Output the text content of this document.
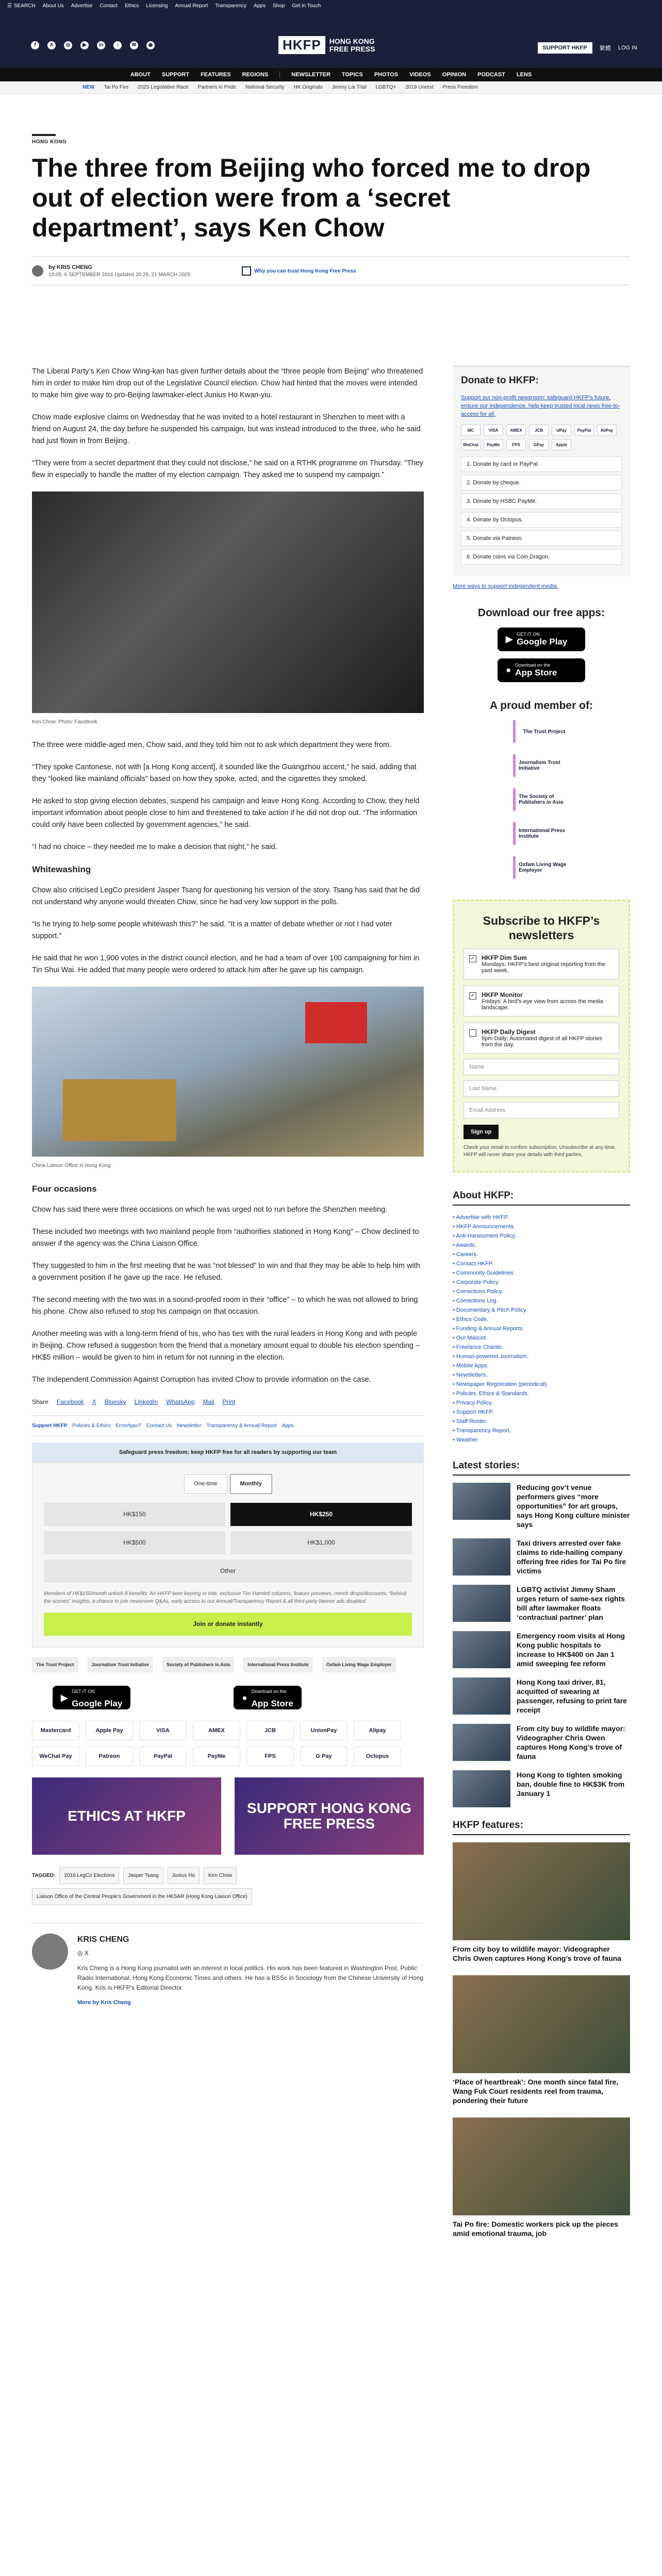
☰ SEARCH About Us Advertise Contact Ethics Licensing Annual Report Transparency Apps Shop Get in Touch
f	X	◎	▶	in	♪	✉	◉	HKFP	HONG KONG
FREE PRESS	SUPPORT HKFP	繁體 LOG IN
ABOUT SUPPORT FEATURES REGIONS	NEWSLETTER TOPICS PHOTOS VIDEOS OPINION PODCAST LENS
NEW Tai Po Fire 2025 Legislative Race Partners in Pride National Security HK Originals Jimmy Lai Trial LGBTQ+ 2019 Unrest Press Freedom
HONG KONG
The three from Beijing who forced me to drop out of election were from a ‘secret department’, says Ken Chow
by KRIS CHENG
14:05, 6 SEPTEMBER 2016 Updated 20:25, 21 MARCH 2025
Why you can trust Hong Kong Free Press

The Liberal Party’s Ken Chow Wing-kan has given further details about the “three people from Beijing” who threatened him in order to make him drop out of the Legislative Council election. Chow had hinted that the moves were intended to make him give way to pro-Beijing lawmaker-elect Junius Ho Kwan-yiu.

Chow made explosive claims on Wednesday that he was invited to a hotel restaurant in Shenzhen to meet with a friend on August 24, the day before he suspended his campaign, but was instead introduced to the three, who he said had just flown in from Beijing.

“They were from a secret department that they could not disclose,” he said on a RTHK programme on Thursday. “They flew in especially to handle the matter of my election campaign. They asked me to suspend my campaign.”

Ken Chow. Photo: Facebook.

The three were middle-aged men, Chow said, and they told him not to ask which department they were from.

“They spoke Cantonese, not with [a Hong Kong accent], it sounded like the Guangzhou accent,” he said, adding that they “looked like mainland officials” based on how they spoke, acted, and the cigarettes they smoked.

He asked to stop giving election debates, suspend his campaign and leave Hong Kong. According to Chow, they held important information about people close to him and threatened to take action if he did not drop out. “The information could only have been collected by government agencies,” he said.

“I had no choice – they needed me to make a decision that night,” he said.

Whitewashing

Chow also criticised LegCo president Jasper Tsang for questioning his version of the story. Tsang has said that he did not understand why anyone would threaten Chow, since he had very low support in the polls.

“Is he trying to help some people whitewash this?” he said. “It is a matter of debate whether or not I had voter support.”

He said that he won 1,900 votes in the district council election, and he had a team of over 100 campaigning for him in Tin Shui Wai. He added that many people were ordered to attack him after he gave up his campaign.

China Liaison Office in Hong Kong.
Four occasions

Chow has said there were three occasions on which he was urged not to run before the Shenzhen meeting.

These included two meetings with two mainland people from “authorities stationed in Hong Kong” – Chow declined to answer if the agency was the China Liaison Office.

They suggested to him in the first meeting that he was “not blessed” to win and that they may be able to help him with a government position if he gave up the race. He refused.

The second meeting with the two was in a sound-proofed room in their “office” – to which he was not allowed to bring his phone. Chow also refused to stop his campaign on that occasion.

Another meeting was with a long-term friend of his, who has ties with the rural leaders in Hong Kong and with people in Beijing. Chow refused a suggestion from the friend that a monetary amount equal to double his election spending – HK$5 million – would be given to him in return for not running in the election.

The Independent Commission Against Corruption has invited Chow to provide information on the case.

Share Facebook X Bluesky LinkedIn WhatsApp Mail Print
Support HKFP Policies & Ethics Error/typo? Contact Us Newsletter Transparency & Annual Report Apps
Safeguard press freedom; keep HKFP free for all readers by supporting our team
One-time	Monthly
HK$150	HK$250
HK$500	HK$1,000
Other
Members of HK$150/month unlock 8 benefits: An HKFP beer keyring or tote, exclusive Tim Hamlett columns, feature previews, merch drops/discounts, “behind the scenes” insights, a chance to join newsroom Q&As, early access to our Annual/Transparency Report & all third-party banner ads disabled.
Join or donate instantly
The Trust Project	Journalism Trust Initiative	Society of Publishers in Asia	International Press Institute	Oxfam Living Wage Employer
▶
GET IT ON
Google Play
●
Download on the
App Store
Mastercard	Apple Pay	VISA	AMEX	JCB	UnionPay	Alipay
WeChat Pay	Patreon	PayPal	PayMe	FPS	G Pay	Octopus
ETHICS AT HKFP	SUPPORT HONG KONG FREE PRESS
TAGGED:	2016 LegCo Elections	Jasper Tsang	Junius Ho	Ken Chow
Liaison Office of the Central People's Government in the HKSAR (Hong Kong Liaison Office)
KRIS CHENG
◎ X
Kris Cheng is a Hong Kong journalist with an interest in local politics. His work has been featured in Washington Post, Public Radio International, Hong Kong Economic Times and others. He has a BSSc in Sociology from the Chinese University of Hong Kong. Kris is HKFP's Editorial Director.
More by Kris Cheng
Donate to HKFP:
Support our non-profit newsroom: safeguard HKFP’s future, ensure our independence, help keep trusted local news free-to-access for all.
MC	VISA	AMEX	JCB	UPay	PayPal	AliPay
WeChat	PayMe	FPS	GPay	Apple
1. Donate by card or PayPal.
2. Donate by cheque.
3. Donate by HSBC PayMe.
4. Donate by Octopus.
5. Donate via Patreon.
6. Donate coins via Coin Dragon.
More ways to support independent media.
Download our free apps:
▶ GET IT ON
Google Play
● Download on the
App Store
A proud member of:
The Trust Project
Journalism Trust Initiative
The Society of Publishers in Asia
International Press Institute
Oxfam Living Wage Employer
Subscribe to HKFP’s newsletters
✓ HKFP Dim Sum
Mondays: HKFP’s best original reporting from the past week.
✓ HKFP Monitor
Fridays: A bird’s-eye view from across the media landscape.
HKFP Daily Digest
9pm Daily: Automated digest of all HKFP stories from the day.
Name
Last Name
Email Address
Sign up
Check your email to confirm subscription. Unsubscribe at any time. HKFP will never share your details with third parties.
About HKFP:
• Advertise with HKFP.
• HKFP Announcements.
• Anti-Harassment Policy.
• Awards.
• Careers.
• Contact HKFP.
• Community Guidelines.
• Corporate Policy.
• Corrections Policy.
• Corrections Log.
• Documentary & Pitch Policy.
• Ethics Code.
• Funding & Annual Reports.
• Our Mascot.
• Freelance Charter.
• Human-powered Journalism.
• Mobile Apps.
• Newsletters.
• Newspaper Registration (periodical).
• Policies, Ethics & Standards.
• Privacy Policy.
• Support HKFP.
• Staff Roster.
• Transparency Report.
• Weather.
Latest stories:
Reducing gov’t venue performers gives “more opportunities” for art groups, says Hong Kong culture minister says
Taxi drivers arrested over fake claims to ride-hailing company offering free rides for Tai Po fire victims
LGBTQ activist Jimmy Sham urges return of same-sex rights bill after lawmaker floats ‘contractual partner’ plan
Emergency room visits at Hong Kong public hospitals to increase to HK$400 on Jan 1 amid sweeping fee reform
Hong Kong taxi driver, 81, acquitted of swearing at passenger, refusing to print fare receipt
From city buy to wildlife mayor: Videographer Chris Owen captures Hong Kong’s trove of fauna
Hong Kong to tighten smoking ban, double fine to HK$3K from January 1
HKFP features:
From city boy to wildlife mayor: Videographer Chris Owen captures Hong Kong’s trove of fauna
‘Place of heartbreak’: One month since fatal fire, Wang Fuk Court residents reel from trauma, pondering their future
Tai Po fire: Domestic workers pick up the pieces amid emotional trauma, job
